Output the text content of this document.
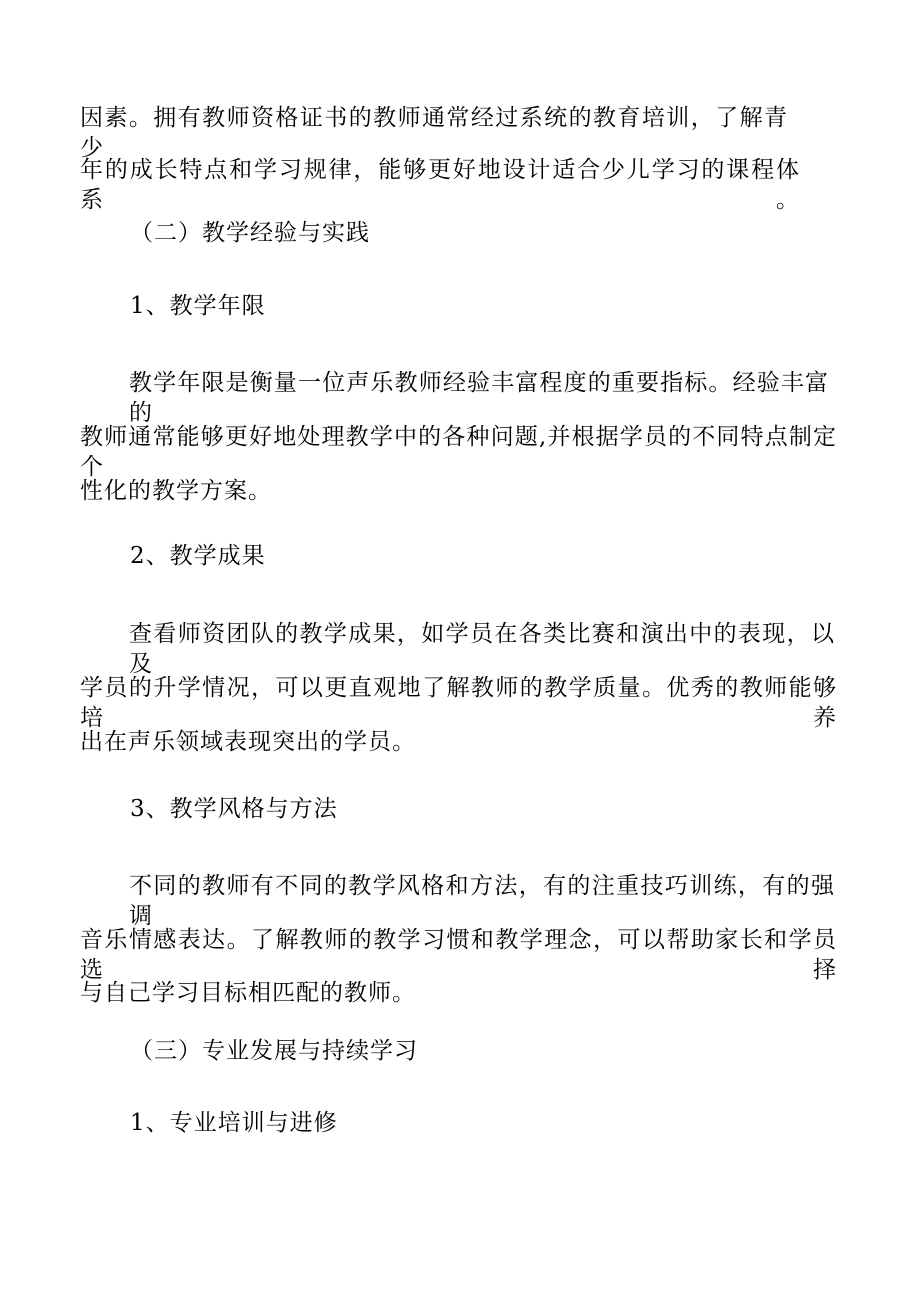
因素。拥有教师资格证书的教师通常经过系统的教育培训，了解青少
年的成长特点和学习规律，能够更好地设计适合少儿学习的课程体系。
（二）教学经验与实践
1、教学年限
教学年限是衡量一位声乐教师经验丰富程度的重要指标。经验丰富的
教师通常能够更好地处理教学中的各种问题,并根据学员的不同特点制定个
性化的教学方案。
2、教学成果
查看师资团队的教学成果，如学员在各类比赛和演出中的表现，以及
学员的升学情况，可以更直观地了解教师的教学质量。优秀的教师能够培养
出在声乐领域表现突出的学员。
3、教学风格与方法
不同的教师有不同的教学风格和方法，有的注重技巧训练，有的强调
音乐情感表达。了解教师的教学习惯和教学理念，可以帮助家长和学员选择
与自己学习目标相匹配的教师。
（三）专业发展与持续学习
1、专业培训与进修
